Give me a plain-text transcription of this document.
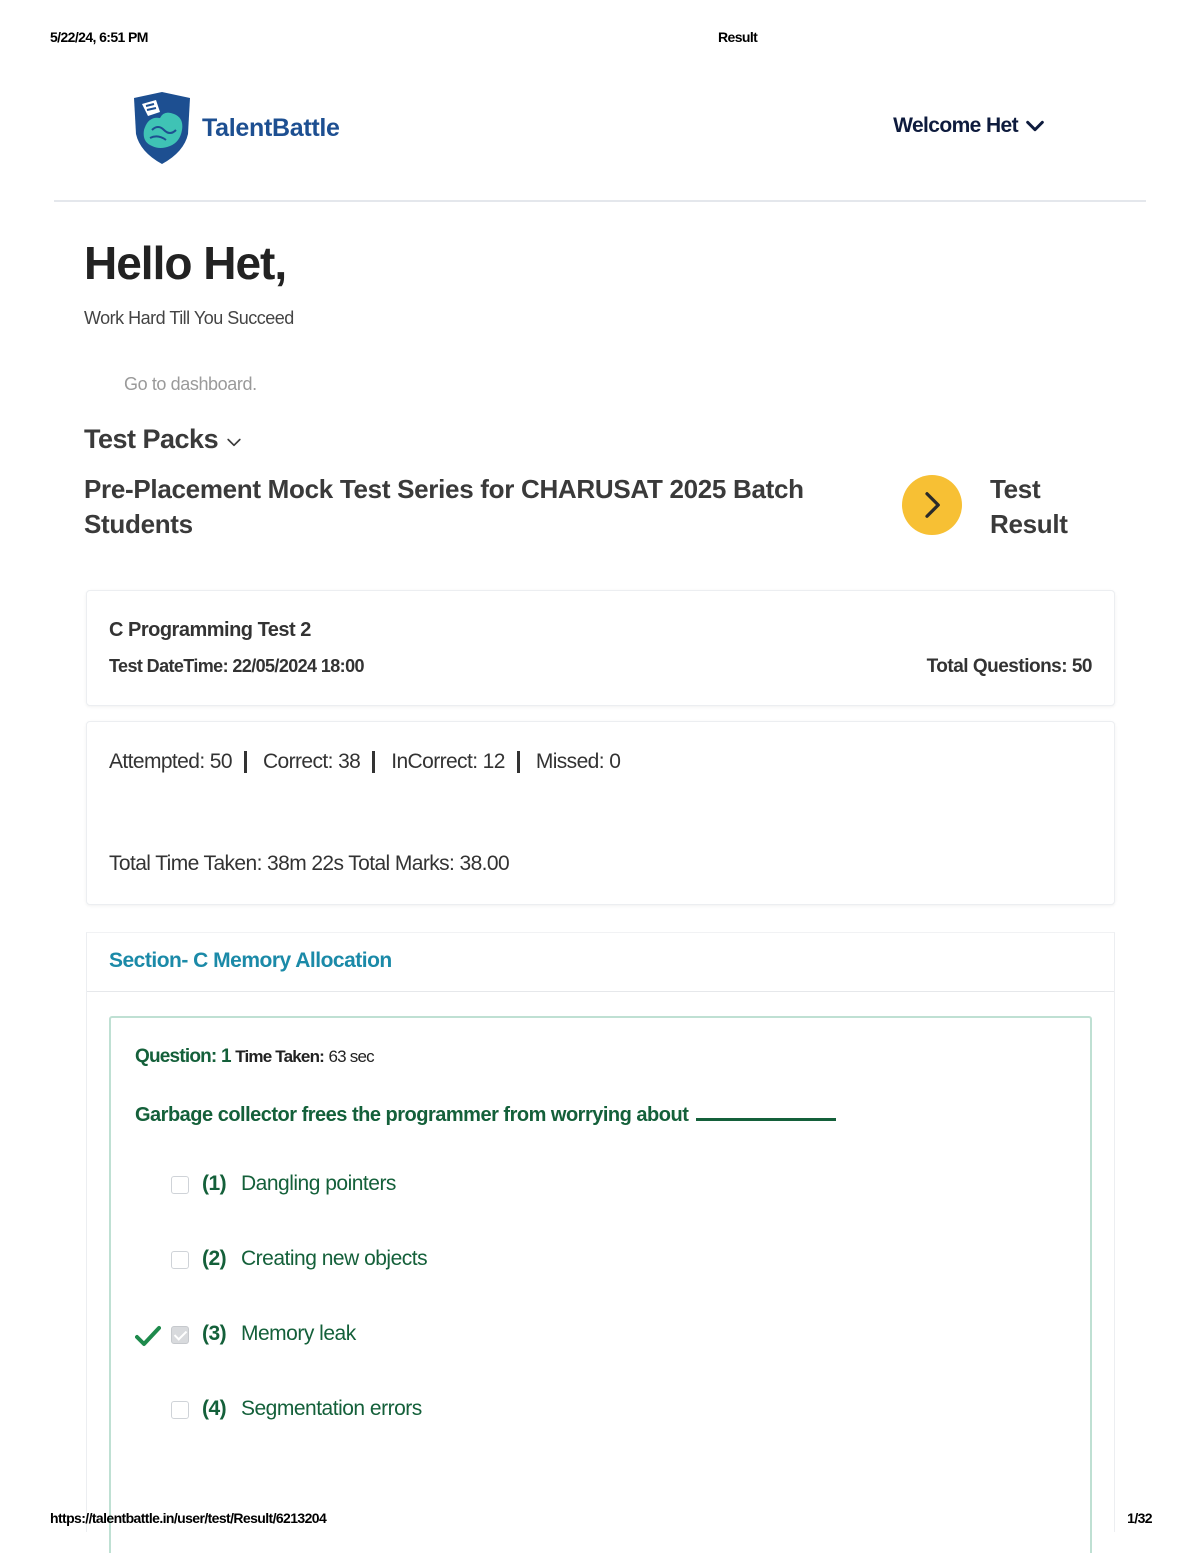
5/22/24, 6:51 PM	Result
TalentBattle	Welcome Het
Hello Het,
Work Hard Till You Succeed
Go to dashboard.
Test Packs
Pre-Placement Mock Test Series for CHARUSAT 2025 Batch Students
Test Result
C Programming Test 2
Test DateTime: 22/05/2024 18:00	Total Questions: 50
Attempted: 50 Correct: 38 InCorrect: 12 Missed: 0
Total Time Taken: 38m 22s Total Marks: 38.00
Section- C Memory Allocation
Question: 1 Time Taken: 63 sec
Garbage collector frees the programmer from worrying about
(1) Dangling pointers
(2) Creating new objects
(3) Memory leak
(4) Segmentation errors
https://talentbattle.in/user/test/Result/6213204	1/32
